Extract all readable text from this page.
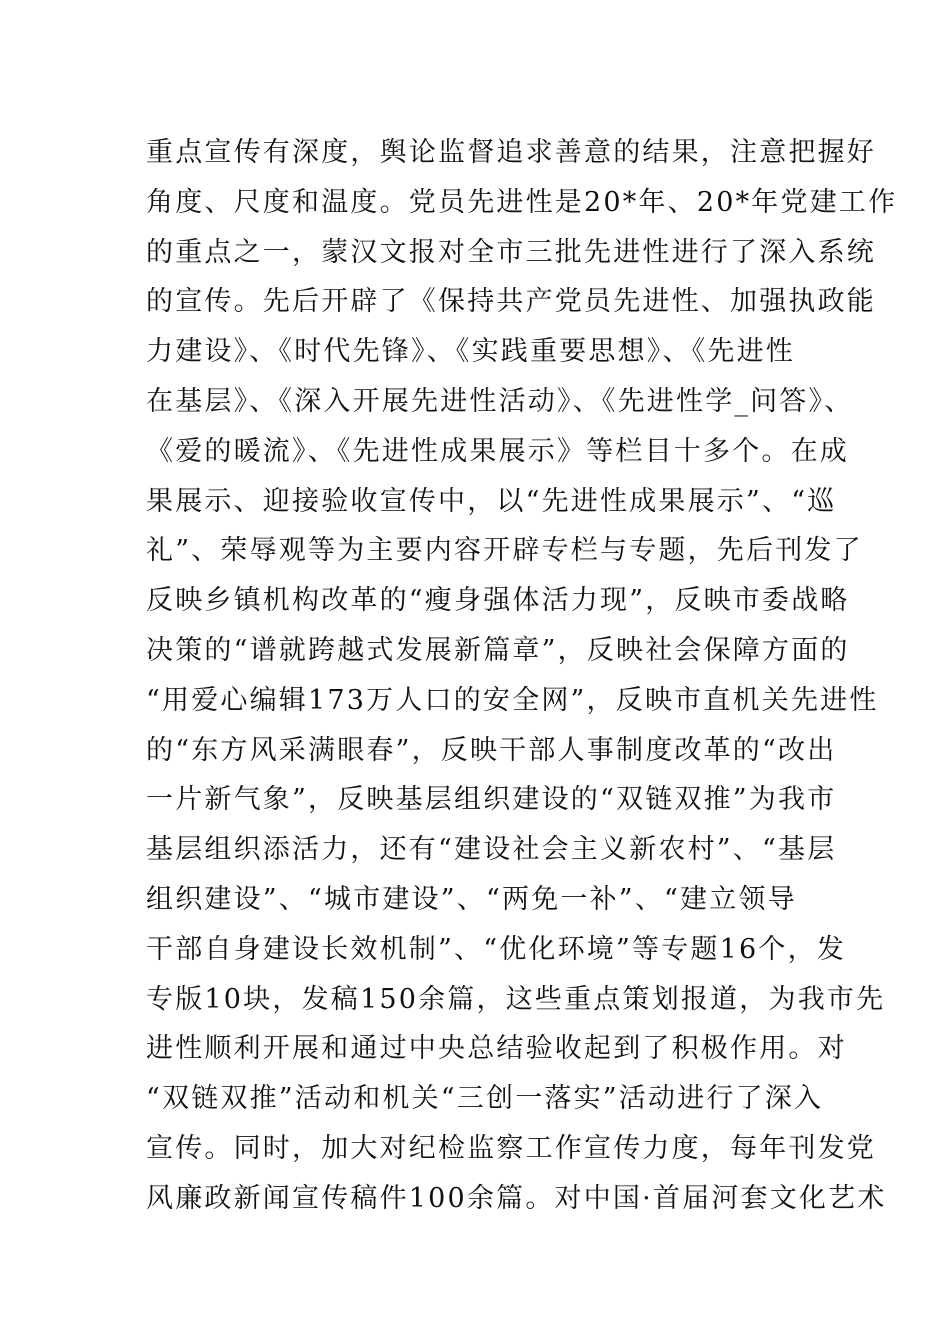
重点宣传有深度，舆论监督追求善意的结果，注意把握好
角度、尺度和温度。党员先进性是20*年、20*年党建工作
的重点之一，蒙汉文报对全市三批先进性进行了深入系统
的宣传。先后开辟了《保持共产党员先进性、加强执政能
力建设》、《时代先锋》、《实践重要思想》、《先进性
在基层》、《深入开展先进性活动》、《先进性学_问答》、
《爱的暖流》、《先进性成果展示》等栏目十多个。在成
果展示、迎接验收宣传中，以“先进性成果展示”、“巡
礼”、荣辱观等为主要内容开辟专栏与专题，先后刊发了
反映乡镇机构改革的“瘦身强体活力现”，反映市委战略
决策的“谱就跨越式发展新篇章”，反映社会保障方面的
“用爱心编辑173万人口的安全网”，反映市直机关先进性
的“东方风采满眼春”，反映干部人事制度改革的“改出
一片新气象”，反映基层组织建设的“双链双推”为我市
基层组织添活力，还有“建设社会主义新农村”、“基层
组织建设”、“城市建设”、“两免一补”、“建立领导
干部自身建设长效机制”、“优化环境”等专题16个，发
专版10块，发稿150余篇，这些重点策划报道，为我市先
进性顺利开展和通过中央总结验收起到了积极作用。对
“双链双推”活动和机关“三创一落实”活动进行了深入
宣传。同时，加大对纪检监察工作宣传力度，每年刊发党
风廉政新闻宣传稿件100余篇。对中国·首届河套文化艺术
